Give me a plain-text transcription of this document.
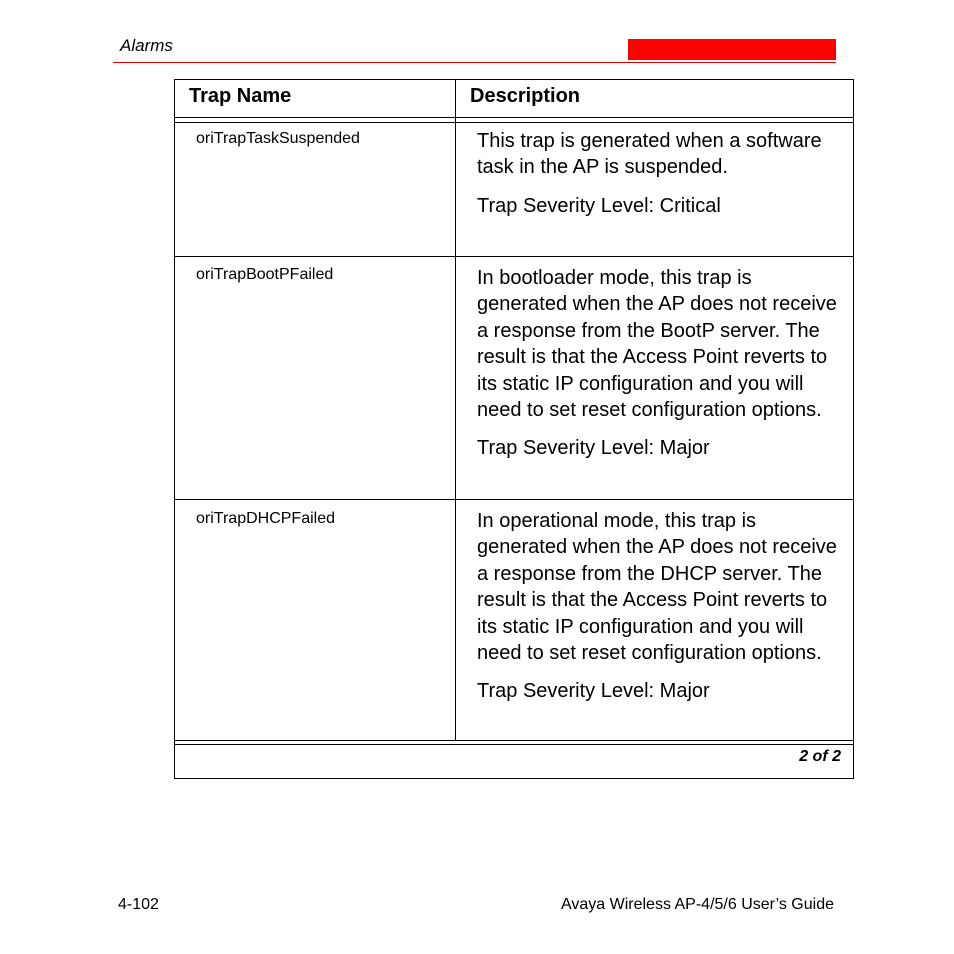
Alarms
Trap Name	Description
oriTrapTaskSuspended	This trap is generated when a software task in the AP is suspended.

Trap Severity Level: Critical

oriTrapBootPFailed	In bootloader mode, this trap is generated when the AP does not receive a response from the BootP server. The result is that the Access Point reverts to its static IP configuration and you will need to set reset configuration options.

Trap Severity Level: Major

oriTrapDHCPFailed	In operational mode, this trap is generated when the AP does not receive a response from the DHCP server. The result is that the Access Point reverts to its static IP configuration and you will need to set reset configuration options.

Trap Severity Level: Major

2 of 2
4-102	Avaya Wireless AP-4/5/6 User’s Guide
